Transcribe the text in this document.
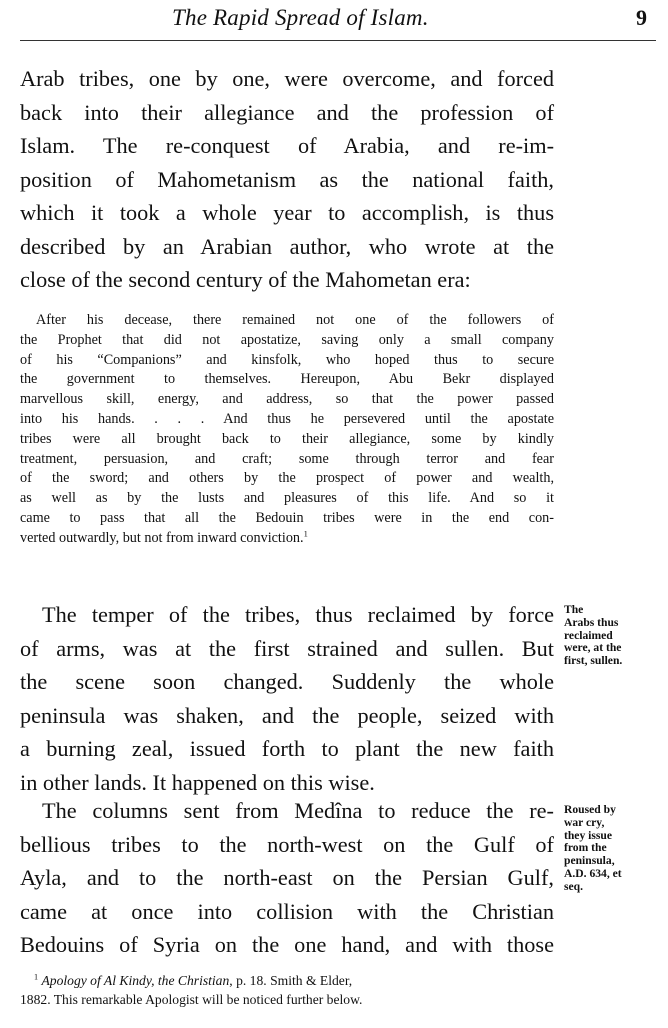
The Rapid Spread of Islam.	9
Arab tribes, one by one, were overcome, and forced
back into their allegiance and the profession of
Islam. The re-conquest of Arabia, and re-im-
position of Mahometanism as the national faith,
which it took a whole year to accomplish, is thus
described by an Arabian author, who wrote at the
close of the second century of the Mahometan era:
After his decease, there remained not one of the followers of
the Prophet that did not apostatize, saving only a small company
of his “Companions” and kinsfolk, who hoped thus to secure
the government to themselves. Hereupon, Abu Bekr displayed
marvellous skill, energy, and address, so that the power passed
into his hands. . . . And thus he persevered until the apostate
tribes were all brought back to their allegiance, some by kindly
treatment, persuasion, and craft; some through terror and fear
of the sword; and others by the prospect of power and wealth,
as well as by the lusts and pleasures of this life. And so it
came to pass that all the Bedouin tribes were in the end con-
verted outwardly, but not from inward conviction.$^1$
The temper of the tribes, thus reclaimed by force
of arms, was at the first strained and sullen. But
the scene soon changed. Suddenly the whole
peninsula was shaken, and the people, seized with
a burning zeal, issued forth to plant the new faith
in other lands. It happened on this wise.
The
Arabs thus
reclaimed
were, at the
first, sullen.
The columns sent from Medîna to reduce the re-
bellious tribes to the north-west on the Gulf of
Ayla, and to the north-east on the Persian Gulf,
came at once into collision with the Christian
Bedouins of Syria on the one hand, and with those
Roused by
war cry,
they issue
from the
peninsula,
A.D. 634, et
seq.
$^1$ Apology of Al Kindy, the Christian, p. 18. Smith & Elder,
1882. This remarkable Apologist will be noticed further below.
